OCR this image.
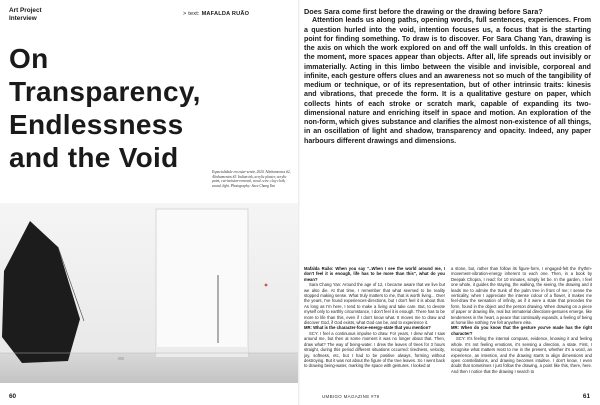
Art Project
Interview
> text: MAFALDA RUÃO
On
Transparency,
Endlessness
and the Void	Espacialidade em estar-sentir, 2020. Alinhamentos #2, Alinhamentos #3. Indian ink, acrylic plaster, acrylic paint, cut-incision-removal, wood, wire, clay cloth, sound, light. Photography: Sara Chang Yan
60
Does Sara come first before the drawing or the drawing before Sara?

Attention leads us along paths, opening words, full sentences, experiences. From a question hurled into the void, intention focuses us, a focus that is the starting point for finding something. To draw is to discover. For Sara Chang Yan, drawing is the axis on which the work explored on and off the wall unfolds. In this creation of the moment, more spaces appear than objects. After all, life spreads out invisibly or immaterially. Acting in this limbo between the visible and invisible, corporeal and infinite, each gesture offers clues and an awareness not so much of the tangibility of medium or technique, or of its representation, but of other intrinsic traits: kinesis and vibrations, that precede the form. It is a qualitative gesture on paper, which collects hints of each stroke or scratch mark, capable of expanding its two-dimensional nature and enriching itself in space and motion. An exploration of the non-form, which gives substance and clarifies the almost non-existence of all things, in an oscillation of light and shadow, transparency and opacity. Indeed, any paper harbours different drawings and dimensions.

Mafalda Ruão: When you say "..When I see the world around me, I don't feel it is enough, life has to be more than this", what do you mean?

Sara Chang Yan: Around the age of 12, I became aware that we live but we also die. At that time, I remember that what seemed to be reality stopped making sense. What truly matters to me, that is worth living... Over the years, I've found experiences-directions, but I don't feel it is about that. As long as I'm here, I tend to make a living and take care. But, to devote myself only to earthly circumstance, I don't feel it is enough. There has to be more to life than this, even if I don't know what. It moves me to draw and discover God, if God exists, what God can be, and to experience it.

MR: What is the character-force-energy-state that you mention?

SCY: I feel a continuous impulse to draw. For years, I drew what I saw around me, but then at some moment it was no longer about that. Then, draw what? The way of being-water. I drew the leaves of trees for 3 hours straight, during this period different situations occurred: tiredness, velocity, joy, softness, etc, but I had to be positive always, forming without destroying. But it was not about the figure of the tree leaves. So I went back to drawing being-water, marking the space with gestures. I looked at

a stone, but, rather than follow its figure-form, I engaged-felt the rhythm-movement-vibration-energy inherent to each one. Then, in a book by Deepak Chopra, I read: for 10 minutes, simply let be. In the garden, I feel one whole, it guides the staying, the walking, the seeing, the drawing and it leads me to admire the trunk of the palm tree in front of me; I sense the verticality, when I appreciate the intense colour of a flower, it makes me feel-draw the sensation of infinity, as if it were a state that precedes the form, found in the object and the person drawing. When drawing on a piece of paper or drawing life, real but immaterial directions-gestures emerge, like tenderness in the heart, a peace that continually expands, a feeling of being at home like nothing I've felt anywhere else.

MR: When do you know that the gesture you've made has the right character?

SCY: It's feeling the internal compass, evidence, knowing it and feeling whole. It's not feeling emotions, it's sensing a direction, a state. First, I recognise what matters most to me in the present, whether it's a word, an experience, an intention, and the drawing starts to align dimensions and open constellations, and drawing becomes intuitive. I don't know, I even doubt that sometimes I just follow the drawing, a point like this, there, here. And then I notice that the drawing I search to

UMBIGO MAGAZINE #79	61
